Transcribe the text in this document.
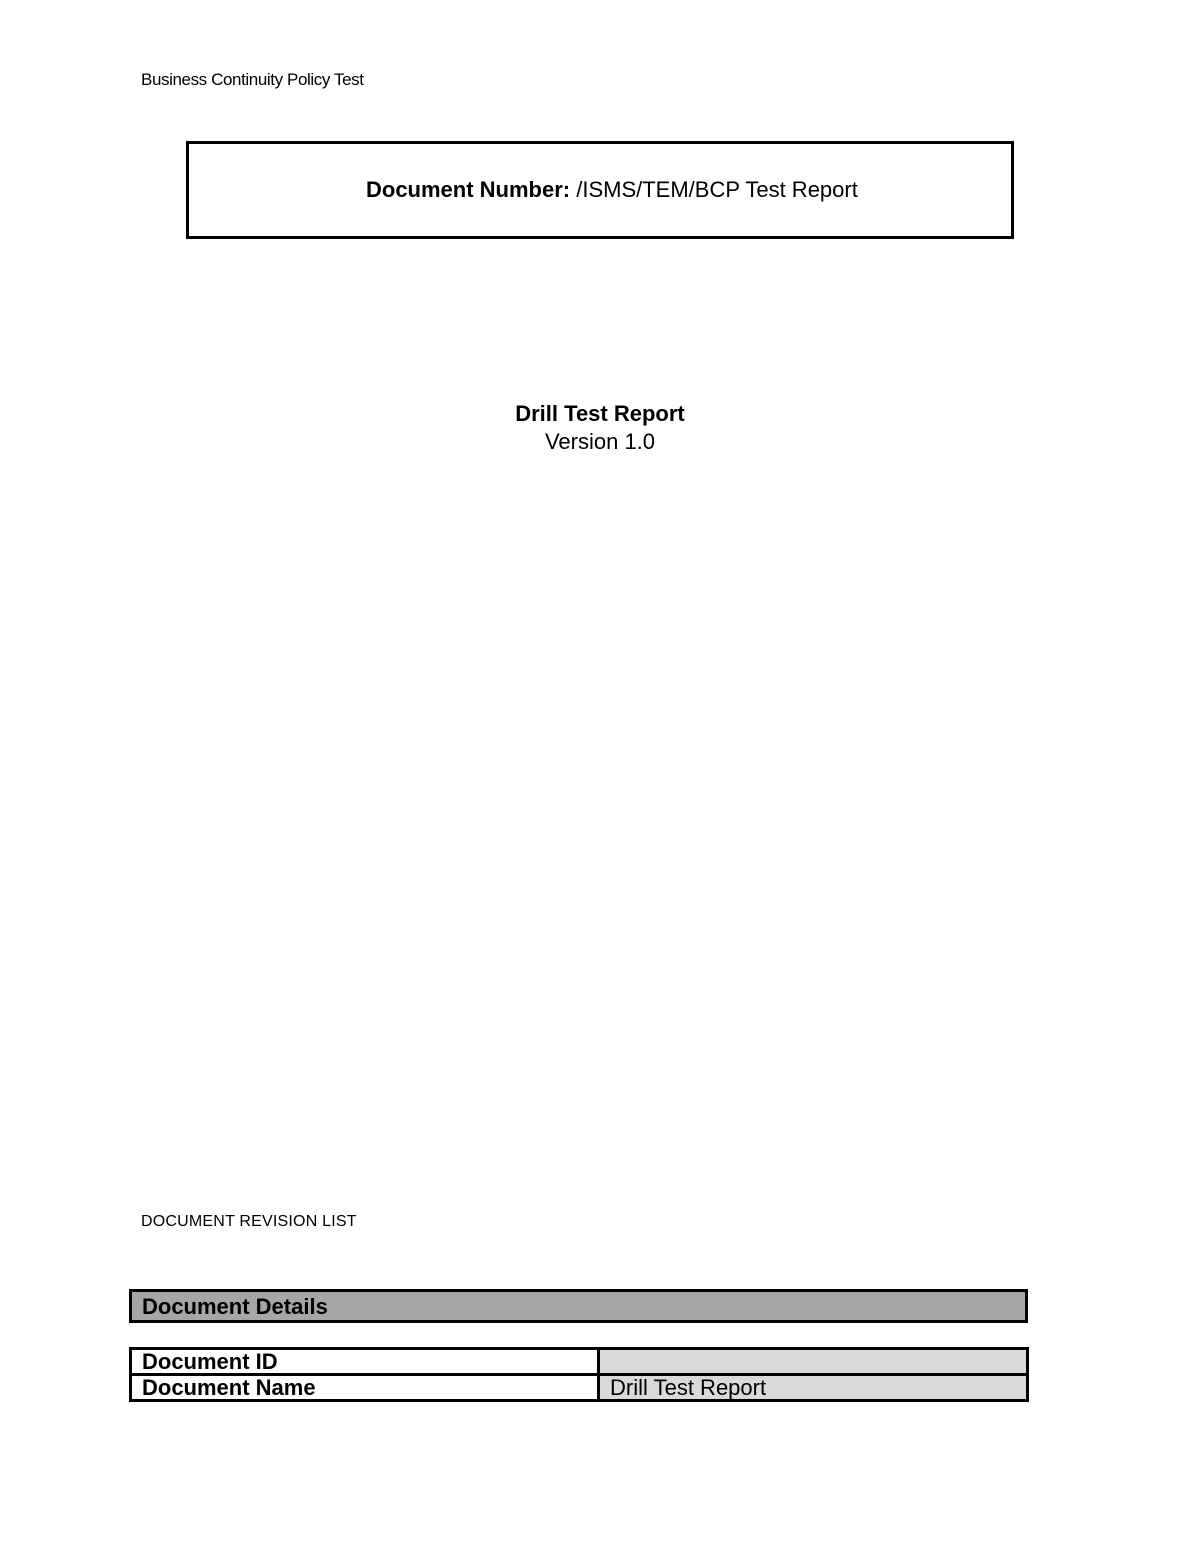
Business Continuity Policy Test
Document Number: /ISMS/TEM/BCP Test Report
Drill Test Report
Version 1.0
DOCUMENT REVISION LIST
Document Details
Document ID	
Document Name	Drill Test Report
